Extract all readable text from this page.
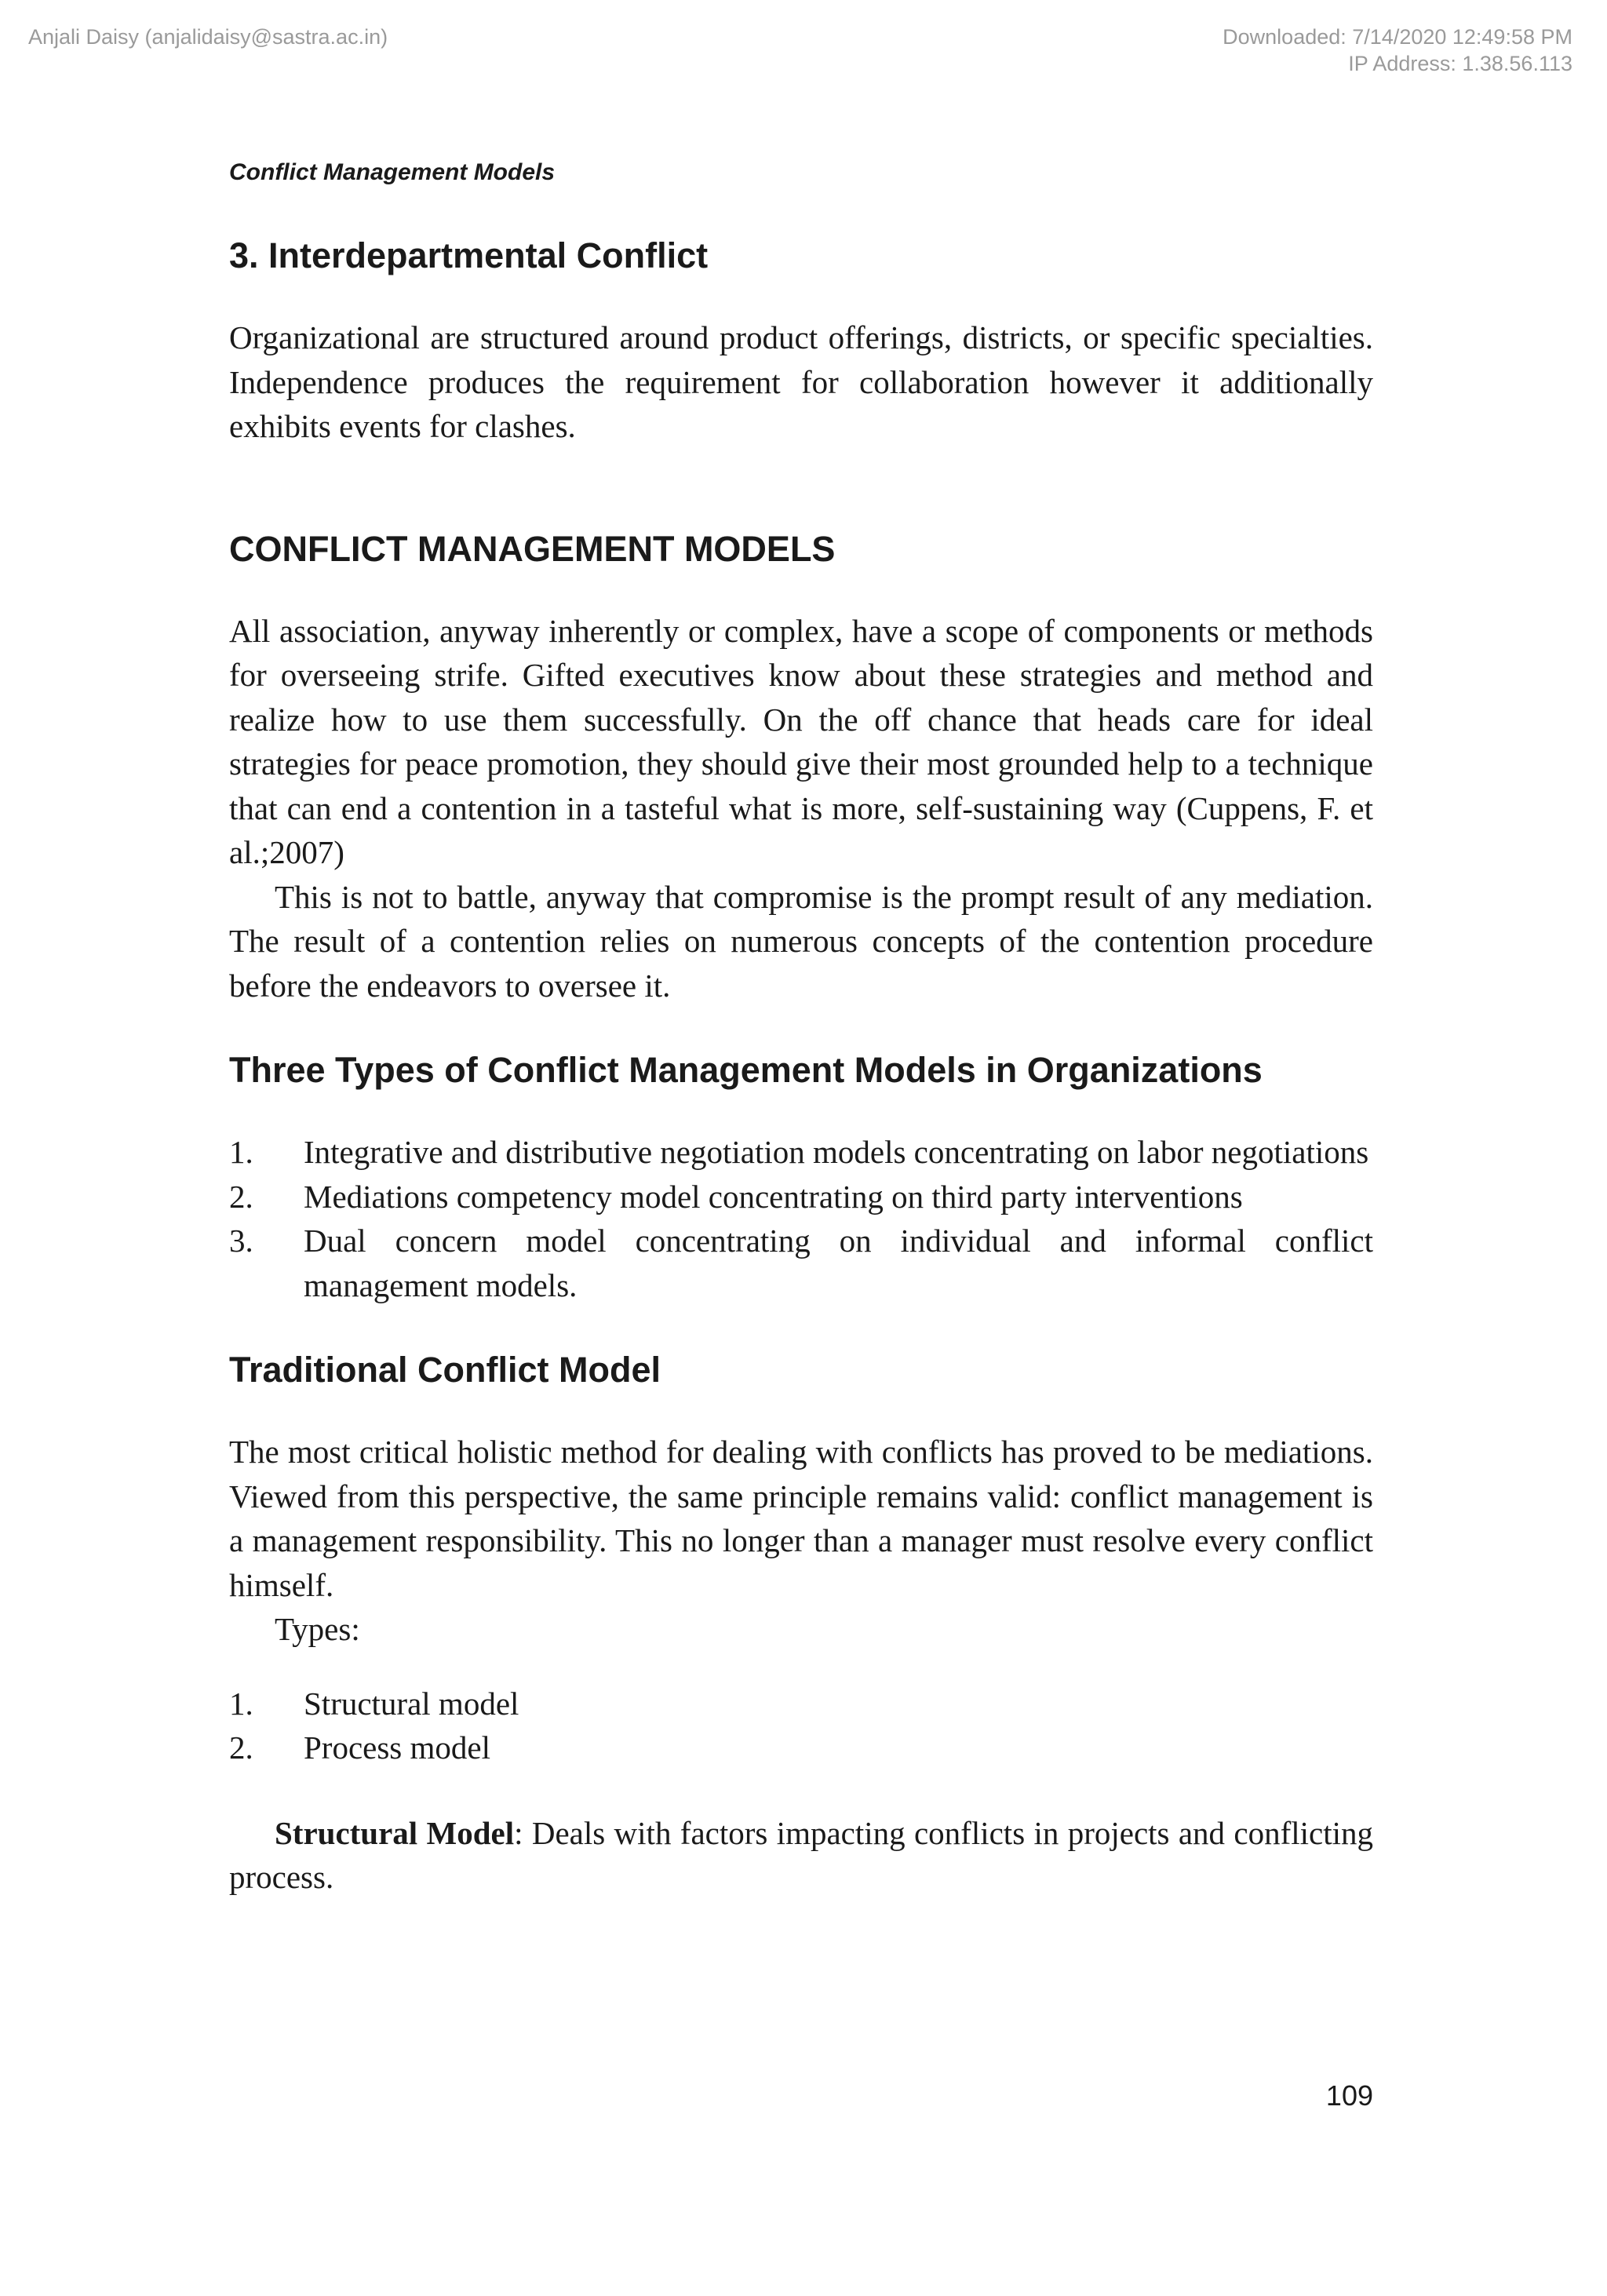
Anjali Daisy (anjalidaisy@sastra.ac.in)	Downloaded: 7/14/2020 12:49:58 PM
IP Address: 1.38.56.113
Conflict Management Models
3. Interdepartmental Conflict

Organizational are structured around product offerings, districts, or specific specialties. Independence produces the requirement for collaboration however it additionally exhibits events for clashes.

CONFLICT MANAGEMENT MODELS

All association, anyway inherently or complex, have a scope of components or methods for overseeing strife. Gifted executives know about these strategies and method and realize how to use them successfully. On the off chance that heads care for ideal strategies for peace promotion, they should give their most grounded help to a technique that can end a contention in a tasteful what is more, self-sustaining way (Cuppens, F. et al.;2007)

This is not to battle, anyway that compromise is the prompt result of any mediation. The result of a contention relies on numerous concepts of the contention procedure before the endeavors to oversee it.

Three Types of Conflict Management Models in Organizations
1. Integrative and distributive negotiation models concentrating on labor negotiations
2. Mediations competency model concentrating on third party interventions
3. Dual concern model concentrating on individual and informal conflict management models.
Traditional Conflict Model

The most critical holistic method for dealing with conflicts has proved to be mediations. Viewed from this perspective, the same principle remains valid: conflict management is a management responsibility. This no longer than a manager must resolve every conflict himself.

Types:

1. Structural model
2. Process model

Structural Model: Deals with factors impacting conflicts in projects and conflicting process.

109
